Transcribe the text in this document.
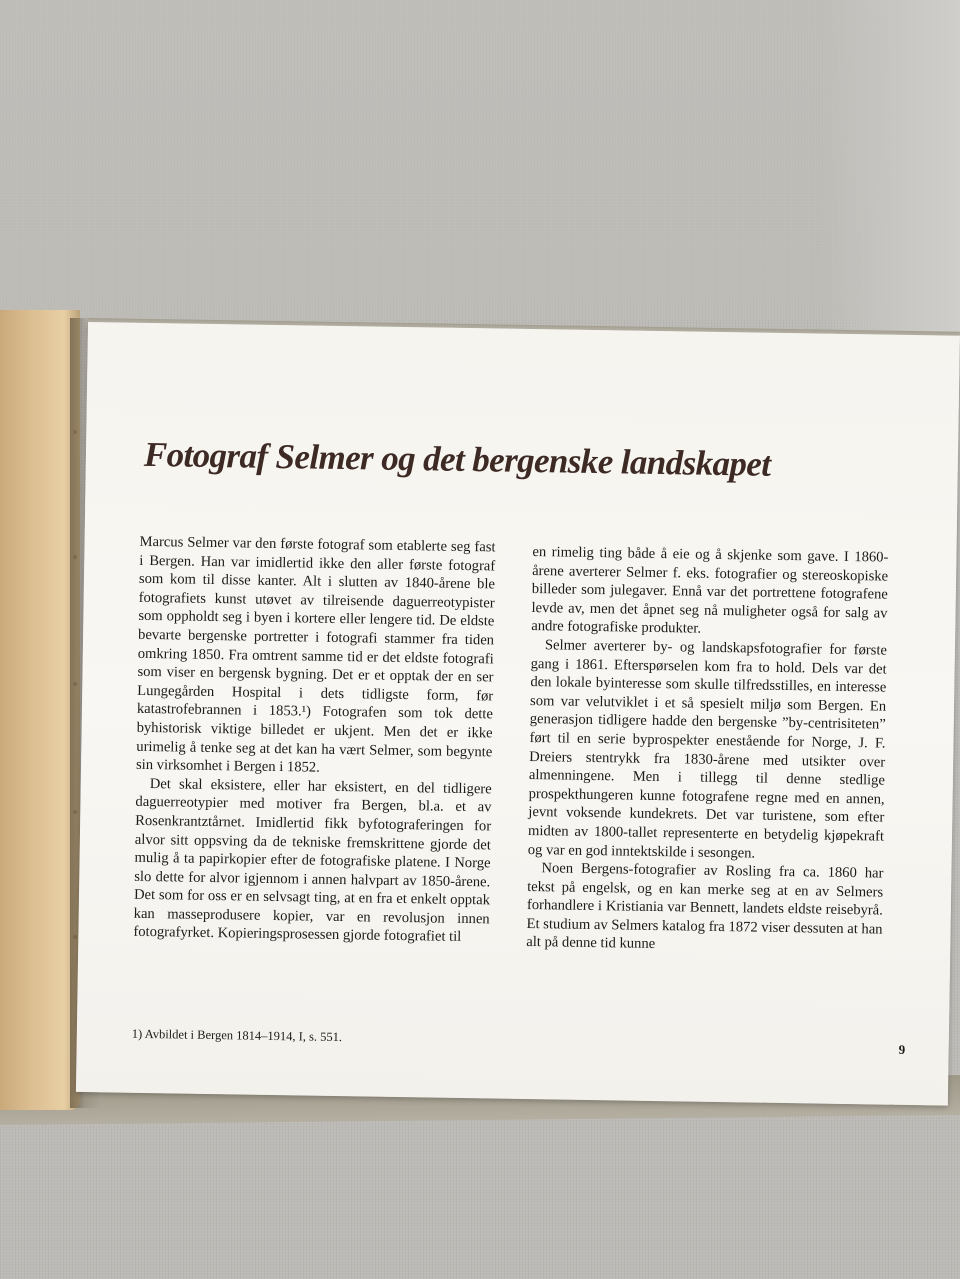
Fotograf Selmer og det bergenske landskapet

Marcus Selmer var den første fotograf som etablerte seg fast i Bergen. Han var imidlertid ikke den aller første fotograf som kom til disse kanter. Alt i slutten av 1840-årene ble fotografiets kunst utøvet av tilreisende daguerreotypister som oppholdt seg i byen i kortere eller lengere tid. De eldste bevarte bergenske portretter i fotografi stammer fra tiden omkring 1850. Fra omtrent samme tid er det eldste fotografi som viser en bergensk bygning. Det er et opptak der en ser Lungegården Hospital i dets tidligste form, før katastrofebrannen i 1853.¹) Fotografen som tok dette byhistorisk viktige billedet er ukjent. Men det er ikke urimelig å tenke seg at det kan ha vært Selmer, som begynte sin virksomhet i Bergen i 1852.

Det skal eksistere, eller har eksistert, en del tidligere daguerreotypier med motiver fra Bergen, bl.a. et av Rosenkrantztårnet. Imidlertid fikk byfotograferingen for alvor sitt oppsving da de tekniske fremskrittene gjorde det mulig å ta papirkopier efter de fotografiske platene. I Norge slo dette for alvor igjennom i annen halvpart av 1850-årene. Det som for oss er en selvsagt ting, at en fra et enkelt opptak kan masseprodusere kopier, var en revolusjon innen fotografyrket. Kopieringsprosessen gjorde fotografiet til

en rimelig ting både å eie og å skjenke som gave. I 1860-årene averterer Selmer f. eks. fotografier og stereoskopiske billeder som julegaver. Ennå var det portrettene fotografene levde av, men det åpnet seg nå muligheter også for salg av andre fotografiske produkter.

Selmer averterer by- og landskapsfotografier for første gang i 1861. Efterspørselen kom fra to hold. Dels var det den lokale byinteresse som skulle tilfredsstilles, en interesse som var velutviklet i et så spesielt miljø som Bergen. En generasjon tidligere hadde den bergenske ”by-centrisiteten” ført til en serie byprospekter enestående for Norge, J. F. Dreiers stentrykk fra 1830-årene med utsikter over almenningene. Men i tillegg til denne stedlige prospekthungeren kunne fotografene regne med en annen, jevnt voksende kundekrets. Det var turistene, som efter midten av 1800-tallet representerte en betydelig kjøpekraft og var en god inntektskilde i sesongen.

Noen Bergens-fotografier av Rosling fra ca. 1860 har tekst på engelsk, og en kan merke seg at en av Selmers forhandlere i Kristiania var Bennett, landets eldste reisebyrå. Et studium av Selmers katalog fra 1872 viser dessuten at han alt på denne tid kunne

1) Avbildet i Bergen 1814–1914, I, s. 551.
9
